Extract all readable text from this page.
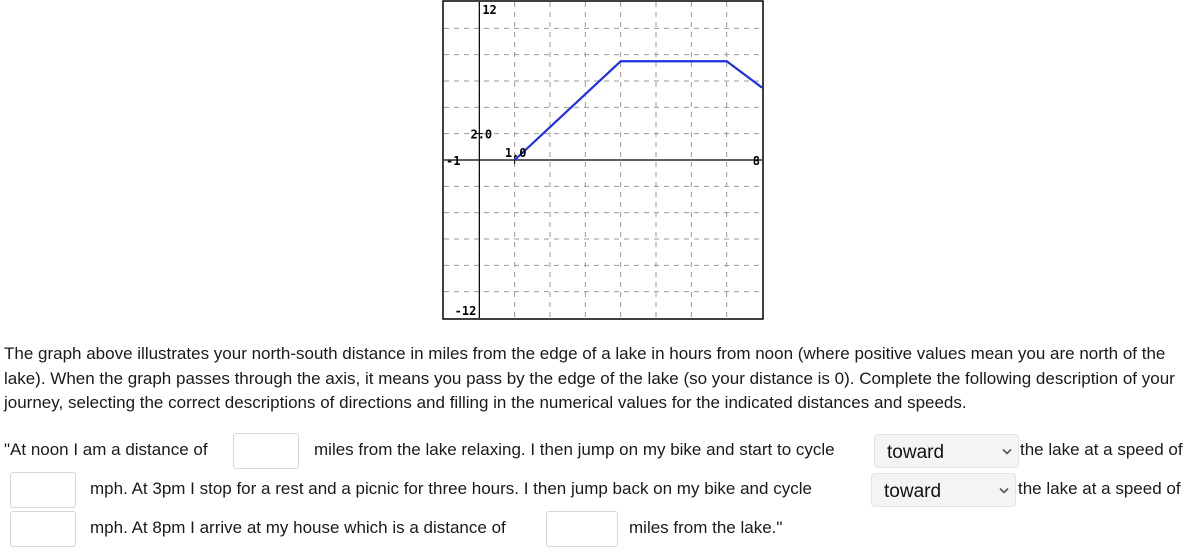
12
-12
-1	8
2.0
1.0

The graph above illustrates your north-south distance in miles from the edge of a lake in hours from noon (where positive values mean you are north of the lake). When the graph passes through the axis, it means you pass by the edge of the lake (so your distance is 0). Complete the following description of your journey, selecting the correct descriptions of directions and filling in the numerical values for the indicated distances and speeds.

"At noon I am a distance of	miles from the lake relaxing. I then jump on my bike and start to cycle	toward	the lake at a speed of
mph. At 3pm I stop for a rest and a picnic for three hours. I then jump back on my bike and cycle	toward	the lake at a speed of
mph. At 8pm I arrive at my house which is a distance of	miles from the lake."
